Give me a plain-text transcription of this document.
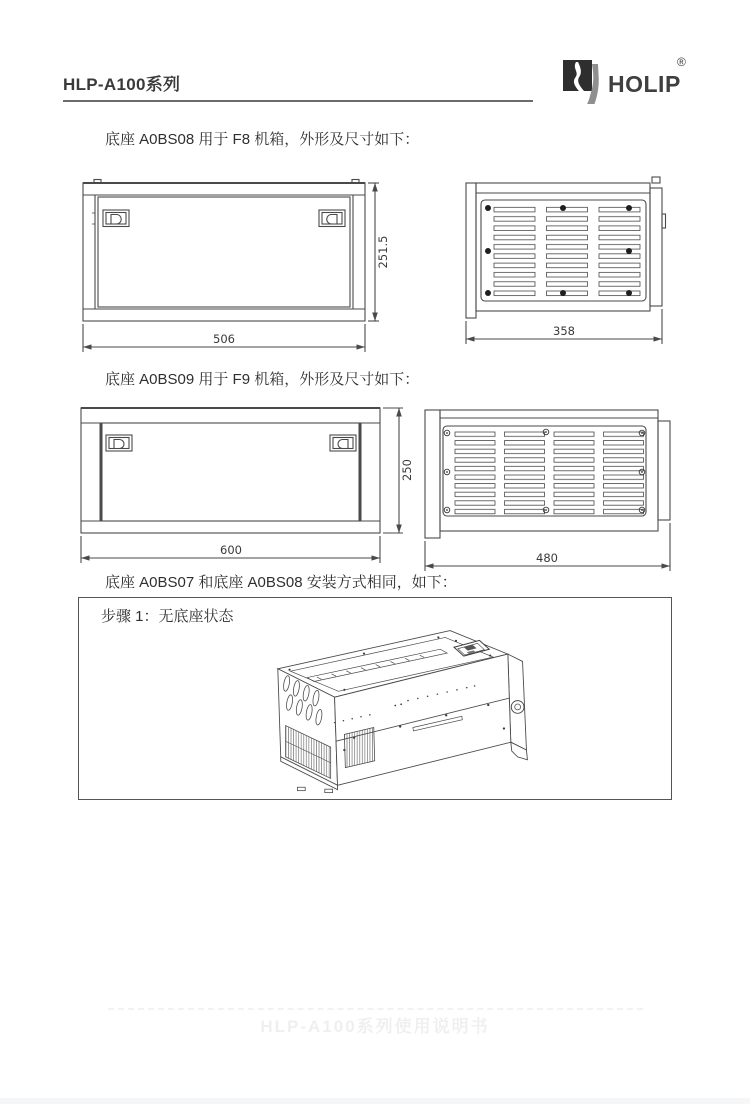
HLP-A100系列	HOLIP
®
底座 A0BS08 用于 F8 机箱，外形及尺寸如下：
251.5
506
358
底座 A0BS09 用于 F9 机箱，外形及尺寸如下：
250
600
480
底座 A0BS07 和底座 A0BS08 安装方式相同，如下：
步骤 1：无底座状态
HLP-A100系列使用说明书
